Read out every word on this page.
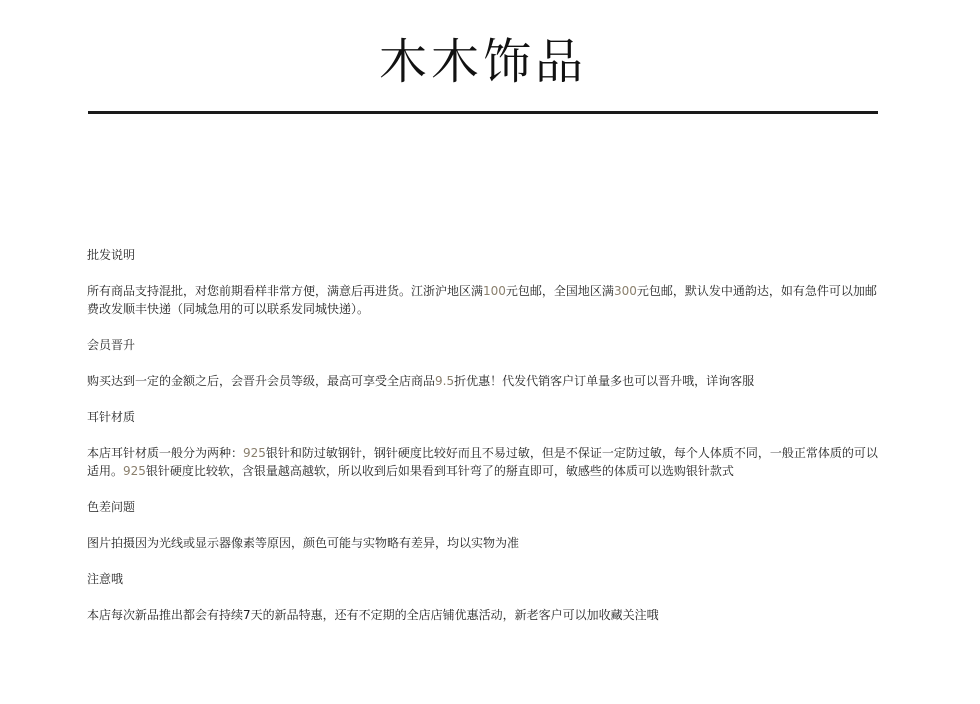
木木饰品
批发说明
所有商品支持混批，对您前期看样非常方便，满意后再进货。江浙沪地区满100元包邮，全国地区满300元包邮，默认发中通韵达，如有急件可以加邮费改发顺丰快递（同城急用的可以联系发同城快递）。
会员晋升
购买达到一定的金额之后，会晋升会员等级，最高可享受全店商品9.5折优惠！代发代销客户订单量多也可以晋升哦，详询客服
耳针材质
本店耳针材质一般分为两种：925银针和防过敏钢针，钢针硬度比较好而且不易过敏，但是不保证一定防过敏，每个人体质不同，一般正常体质的可以适用。925银针硬度比较软，含银量越高越软，所以收到后如果看到耳针弯了的掰直即可，敏感些的体质可以选购银针款式
色差问题
图片拍摄因为光线或显示器像素等原因，颜色可能与实物略有差异，均以实物为准
注意哦
本店每次新品推出都会有持续7天的新品特惠，还有不定期的全店店铺优惠活动，新老客户可以加收藏关注哦
